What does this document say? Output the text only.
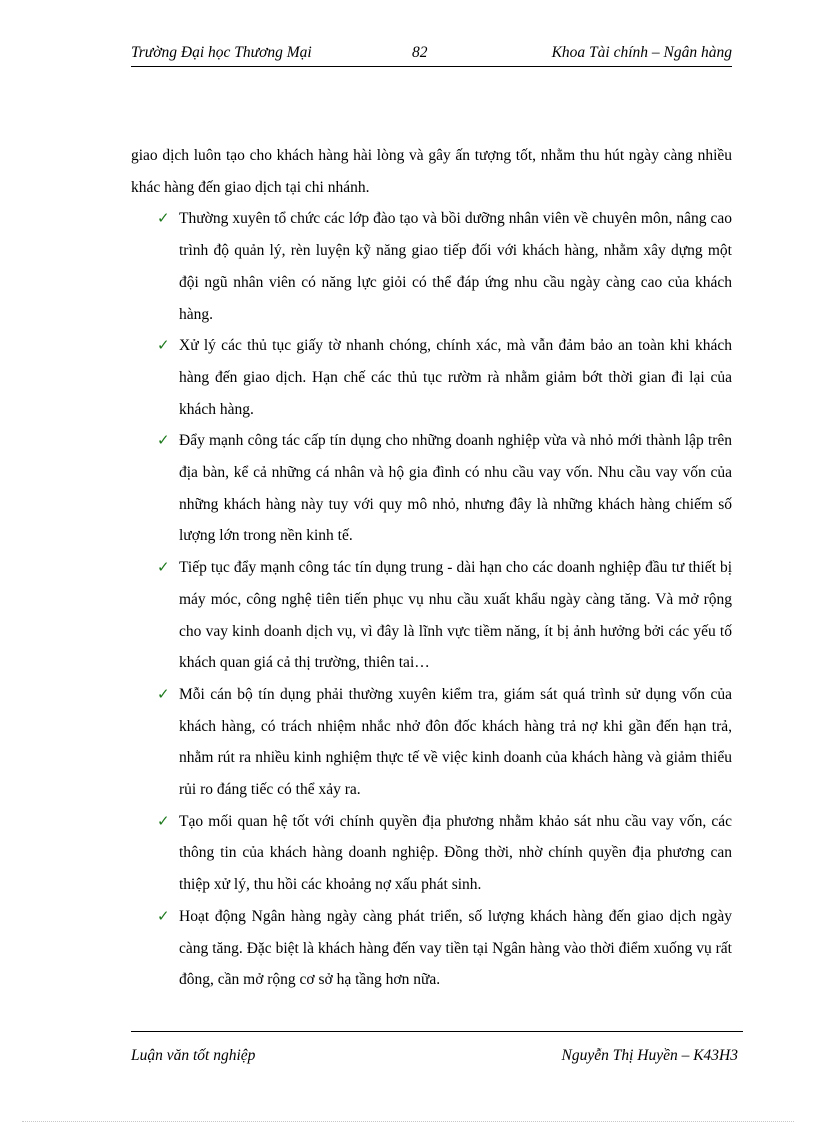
Trường Đại học Thương Mại	82	Khoa Tài chính – Ngân hàng

giao dịch luôn tạo cho khách hàng hài lòng và gây ấn tượng tốt, nhằm thu hút ngày càng nhiều khác hàng đến giao dịch tại chi nhánh.

✓ Thường xuyên tổ chức các lớp đào tạo và bồi dưỡng nhân viên về chuyên môn, nâng cao trình độ quản lý, rèn luyện kỹ năng giao tiếp đối với khách hàng, nhằm xây dựng một đội ngũ nhân viên có năng lực giỏi có thể đáp ứng nhu cầu ngày càng cao của khách hàng.
✓ Xử lý các thủ tục giấy tờ nhanh chóng, chính xác, mà vẫn đảm bảo an toàn khi khách hàng đến giao dịch. Hạn chế các thủ tục rườm rà nhằm giảm bớt thời gian đi lại của khách hàng.
✓ Đẩy mạnh công tác cấp tín dụng cho những doanh nghiệp vừa và nhỏ mới thành lập trên địa bàn, kể cả những cá nhân và hộ gia đình có nhu cầu vay vốn. Nhu cầu vay vốn của những khách hàng này tuy với quy mô nhỏ, nhưng đây là những khách hàng chiếm số lượng lớn trong nền kinh tế.
✓ Tiếp tục đẩy mạnh công tác tín dụng trung - dài hạn cho các doanh nghiệp đầu tư thiết bị máy móc, công nghệ tiên tiến phục vụ nhu cầu xuất khẩu ngày càng tăng. Và mở rộng cho vay kinh doanh dịch vụ, vì đây là lĩnh vực tiềm năng, ít bị ảnh hưởng bởi các yếu tố khách quan giá cả thị trường, thiên tai…
✓ Mỗi cán bộ tín dụng phải thường xuyên kiểm tra, giám sát quá trình sử dụng vốn của khách hàng, có trách nhiệm nhắc nhở đôn đốc khách hàng trả nợ khi gần đến hạn trả, nhằm rút ra nhiều kinh nghiệm thực tế về việc kinh doanh của khách hàng và giảm thiểu rủi ro đáng tiếc có thể xảy ra.
✓ Tạo mối quan hệ tốt với chính quyền địa phương nhằm khảo sát nhu cầu vay vốn, các thông tin của khách hàng doanh nghiệp. Đồng thời, nhờ chính quyền địa phương can thiệp xử lý, thu hồi các khoảng nợ xấu phát sinh.
✓ Hoạt động Ngân hàng ngày càng phát triển, số lượng khách hàng đến giao dịch ngày càng tăng. Đặc biệt là khách hàng đến vay tiền tại Ngân hàng vào thời điểm xuống vụ rất đông, cần mở rộng cơ sở hạ tầng hơn nữa.
Luận văn tốt nghiệp	Nguyễn Thị Huyền – K43H3
